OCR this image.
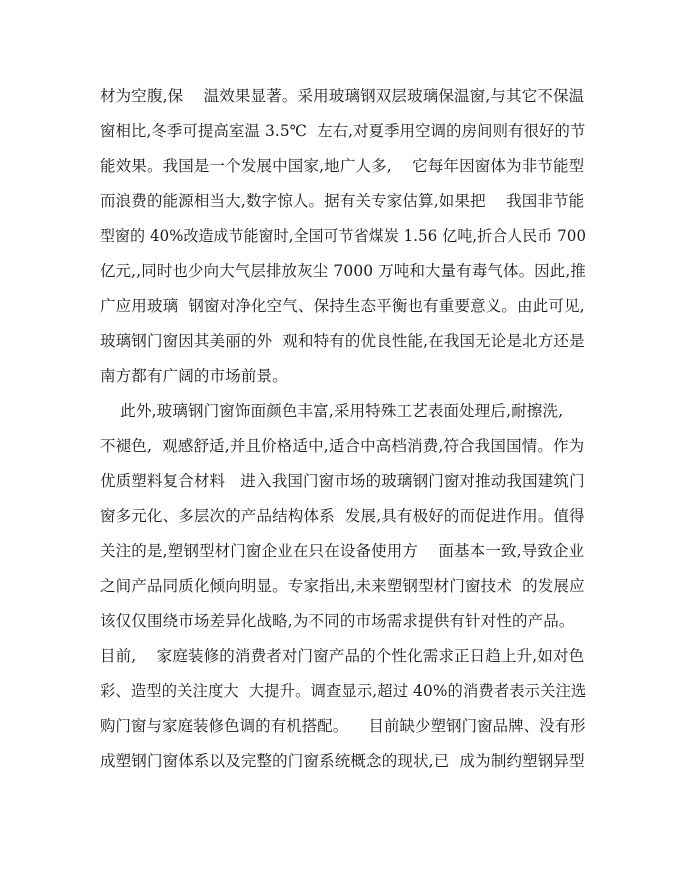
材为空腹,保    温效果显著。采用玻璃钢双层玻璃保温窗,与其它不保温
窗相比,冬季可提高室温 3.5℃  左右,对夏季用空调的房间则有很好的节
能效果。我国是一个发展中国家,地广人多,    它每年因窗体为非节能型
而浪费的能源相当大,数字惊人。据有关专家估算,如果把    我国非节能
型窗的 40%改造成节能窗时,全国可节省煤炭 1.56 亿吨,折合人民币 700
亿元,,同时也少向大气层排放灰尘 7000 万吨和大量有毒气体。因此,推
广应用玻璃  钢窗对净化空气、保持生态平衡也有重要意义。由此可见,
玻璃钢门窗因其美丽的外  观和特有的优良性能,在我国无论是北方还是
南方都有广阔的市场前景。
此外,玻璃钢门窗饰面颜色丰富,采用特殊工艺表面处理后,耐擦洗,
不褪色,  观感舒适,并且价格适中,适合中高档消费,符合我国国情。作为
优质塑料复合材料   进入我国门窗市场的玻璃钢门窗对推动我国建筑门
窗多元化、多层次的产品结构体系  发展,具有极好的而促进作用。值得
关注的是,塑钢型材门窗企业在只在设备使用方    面基本一致,导致企业
之间产品同质化倾向明显。专家指出,未来塑钢型材门窗技术  的发展应
该仅仅围绕市场差异化战略,为不同的市场需求提供有针对性的产品。
目前,    家庭装修的消费者对门窗产品的个性化需求正日趋上升,如对色
彩、造型的关注度大  大提升。调查显示,超过 40%的消费者表示关注选
购门窗与家庭装修色调的有机搭配。    目前缺少塑钢门窗品牌、没有形
成塑钢门窗体系以及完整的门窗系统概念的现状,已  成为制约塑钢异型
